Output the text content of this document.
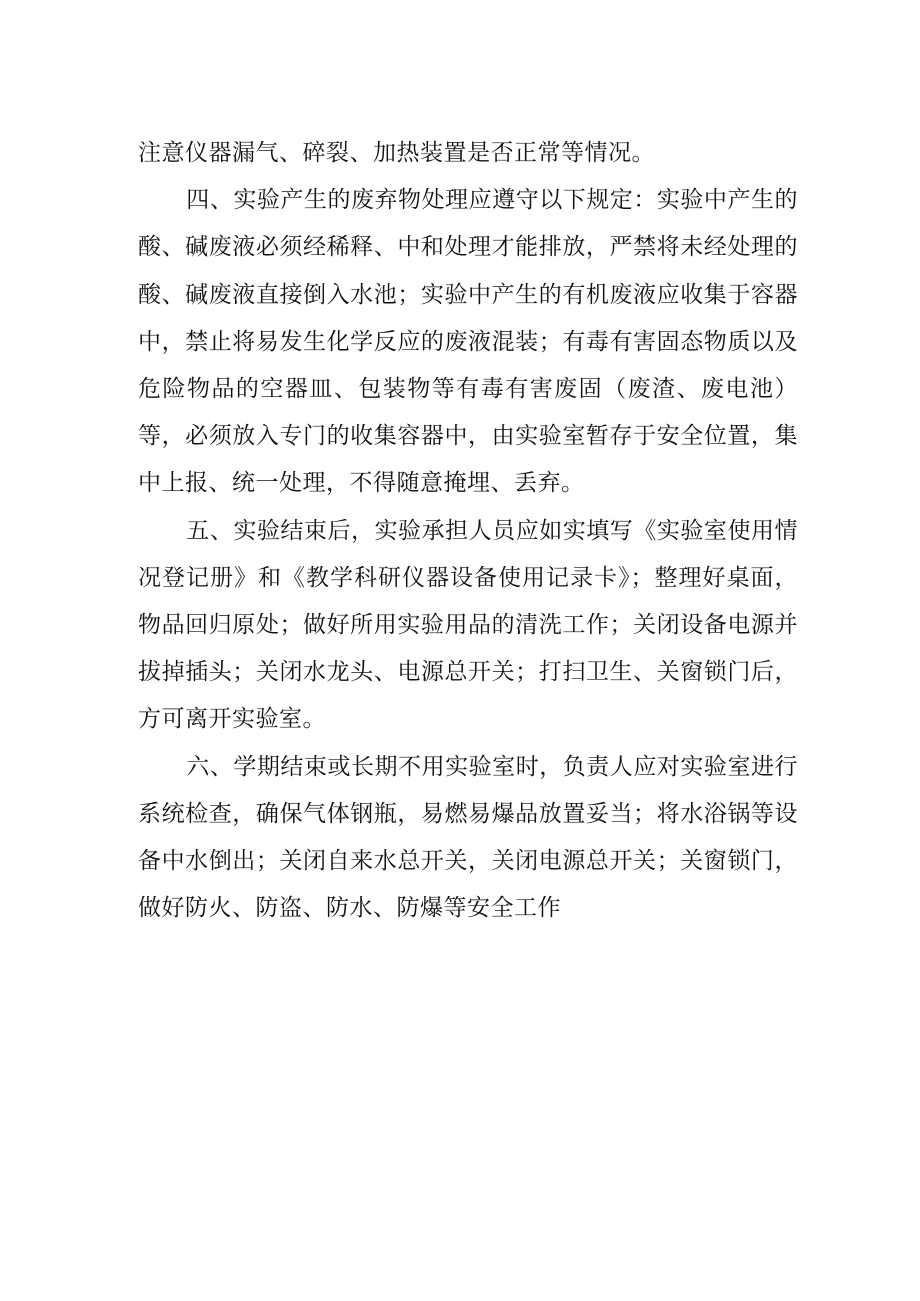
注意仪器漏气、碎裂、加热装置是否正常等情况。

四、实验产生的废弃物处理应遵守以下规定：实验中产生的酸、碱废液必须经稀释、中和处理才能排放，严禁将未经处理的酸、碱废液直接倒入水池；实验中产生的有机废液应收集于容器中，禁止将易发生化学反应的废液混装；有毒有害固态物质以及危险物品的空器皿、包装物等有毒有害废固（废渣、废电池）等，必须放入专门的收集容器中，由实验室暂存于安全位置，集中上报、统一处理，不得随意掩埋、丢弃。

五、实验结束后，实验承担人员应如实填写《实验室使用情况登记册》和《教学科研仪器设备使用记录卡》；整理好桌面，物品回归原处；做好所用实验用品的清洗工作；关闭设备电源并拔掉插头；关闭水龙头、电源总开关；打扫卫生、关窗锁门后，方可离开实验室。

六、学期结束或长期不用实验室时，负责人应对实验室进行系统检查，确保气体钢瓶，易燃易爆品放置妥当；将水浴锅等设备中水倒出；关闭自来水总开关，关闭电源总开关；关窗锁门，做好防火、防盗、防水、防爆等安全工作
